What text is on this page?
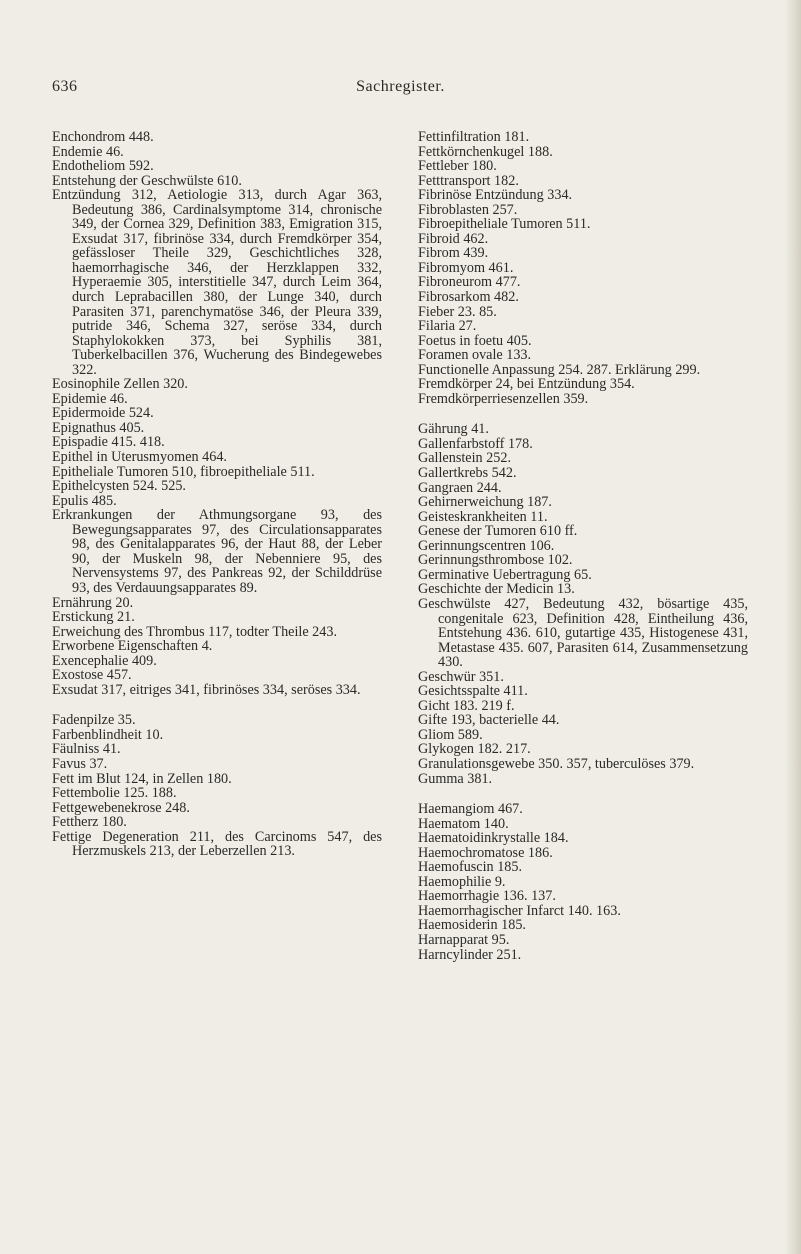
636	Sachregister.
Enchondrom 448.
Endemie 46.
Endotheliom 592.
Entstehung der Geschwülste 610.
Entzündung 312, Aetiologie 313, durch Agar 363, Bedeutung 386, Cardinalsymptome 314, chronische 349, der Cornea 329, Definition 383, Emigration 315, Exsudat 317, fibrinöse 334, durch Fremdkörper 354, gefässloser Theile 329, Geschichtliches 328, haemorrhagische 346, der Herzklappen 332, Hyperaemie 305, interstitielle 347, durch Leim 364, durch Leprabacillen 380, der Lunge 340, durch Parasiten 371, parenchymatöse 346, der Pleura 339, putride 346, Schema 327, seröse 334, durch Staphylokokken 373, bei Syphilis 381, Tuberkelbacillen 376, Wucherung des Bindegewebes 322.
Eosinophile Zellen 320.
Epidemie 46.
Epidermoide 524.
Epignathus 405.
Epispadie 415. 418.
Epithel in Uterusmyomen 464.
Epitheliale Tumoren 510, fibroepitheliale 511.
Epithelcysten 524. 525.
Epulis 485.
Erkrankungen der Athmungsorgane 93, des Bewegungsapparates 97, des Circulationsapparates 98, des Genitalapparates 96, der Haut 88, der Leber 90, der Muskeln 98, der Nebenniere 95, des Nervensystems 97, des Pankreas 92, der Schilddrüse 93, des Verdauungsapparates 89.
Ernährung 20.
Erstickung 21.
Erweichung des Thrombus 117, todter Theile 243.
Erworbene Eigenschaften 4.
Exencephalie 409.
Exostose 457.
Exsudat 317, eitriges 341, fibrinöses 334, seröses 334.
Fadenpilze 35.
Farbenblindheit 10.
Fäulniss 41.
Favus 37.
Fett im Blut 124, in Zellen 180.
Fettembolie 125. 188.
Fettgewebenekrose 248.
Fettherz 180.
Fettige Degeneration 211, des Carcinoms 547, des Herzmuskels 213, der Leberzellen 213.
Fettinfiltration 181.
Fettkörnchenkugel 188.
Fettleber 180.
Fetttransport 182.
Fibrinöse Entzündung 334.
Fibroblasten 257.
Fibroepitheliale Tumoren 511.
Fibroid 462.
Fibrom 439.
Fibromyom 461.
Fibroneurom 477.
Fibrosarkom 482.
Fieber 23. 85.
Filaria 27.
Foetus in foetu 405.
Foramen ovale 133.
Functionelle Anpassung 254. 287. Erklärung 299.
Fremdkörper 24, bei Entzündung 354.
Fremdkörperriesenzellen 359.
Gährung 41.
Gallenfarbstoff 178.
Gallenstein 252.
Gallertkrebs 542.
Gangraen 244.
Gehirnerweichung 187.
Geisteskrankheiten 11.
Genese der Tumoren 610 ff.
Gerinnungscentren 106.
Gerinnungsthrombose 102.
Germinative Uebertragung 65.
Geschichte der Medicin 13.
Geschwülste 427, Bedeutung 432, bösartige 435, congenitale 623, Definition 428, Eintheilung 436, Entstehung 436. 610, gutartige 435, Histogenese 431, Metastase 435. 607, Parasiten 614, Zusammensetzung 430.
Geschwür 351.
Gesichtsspalte 411.
Gicht 183. 219 f.
Gifte 193, bacterielle 44.
Gliom 589.
Glykogen 182. 217.
Granulationsgewebe 350. 357, tuberculöses 379.
Gumma 381.
Haemangiom 467.
Haematom 140.
Haematoidinkrystalle 184.
Haemochromatose 186.
Haemofuscin 185.
Haemophilie 9.
Haemorrhagie 136. 137.
Haemorrhagischer Infarct 140. 163.
Haemosiderin 185.
Harnapparat 95.
Harncylinder 251.
